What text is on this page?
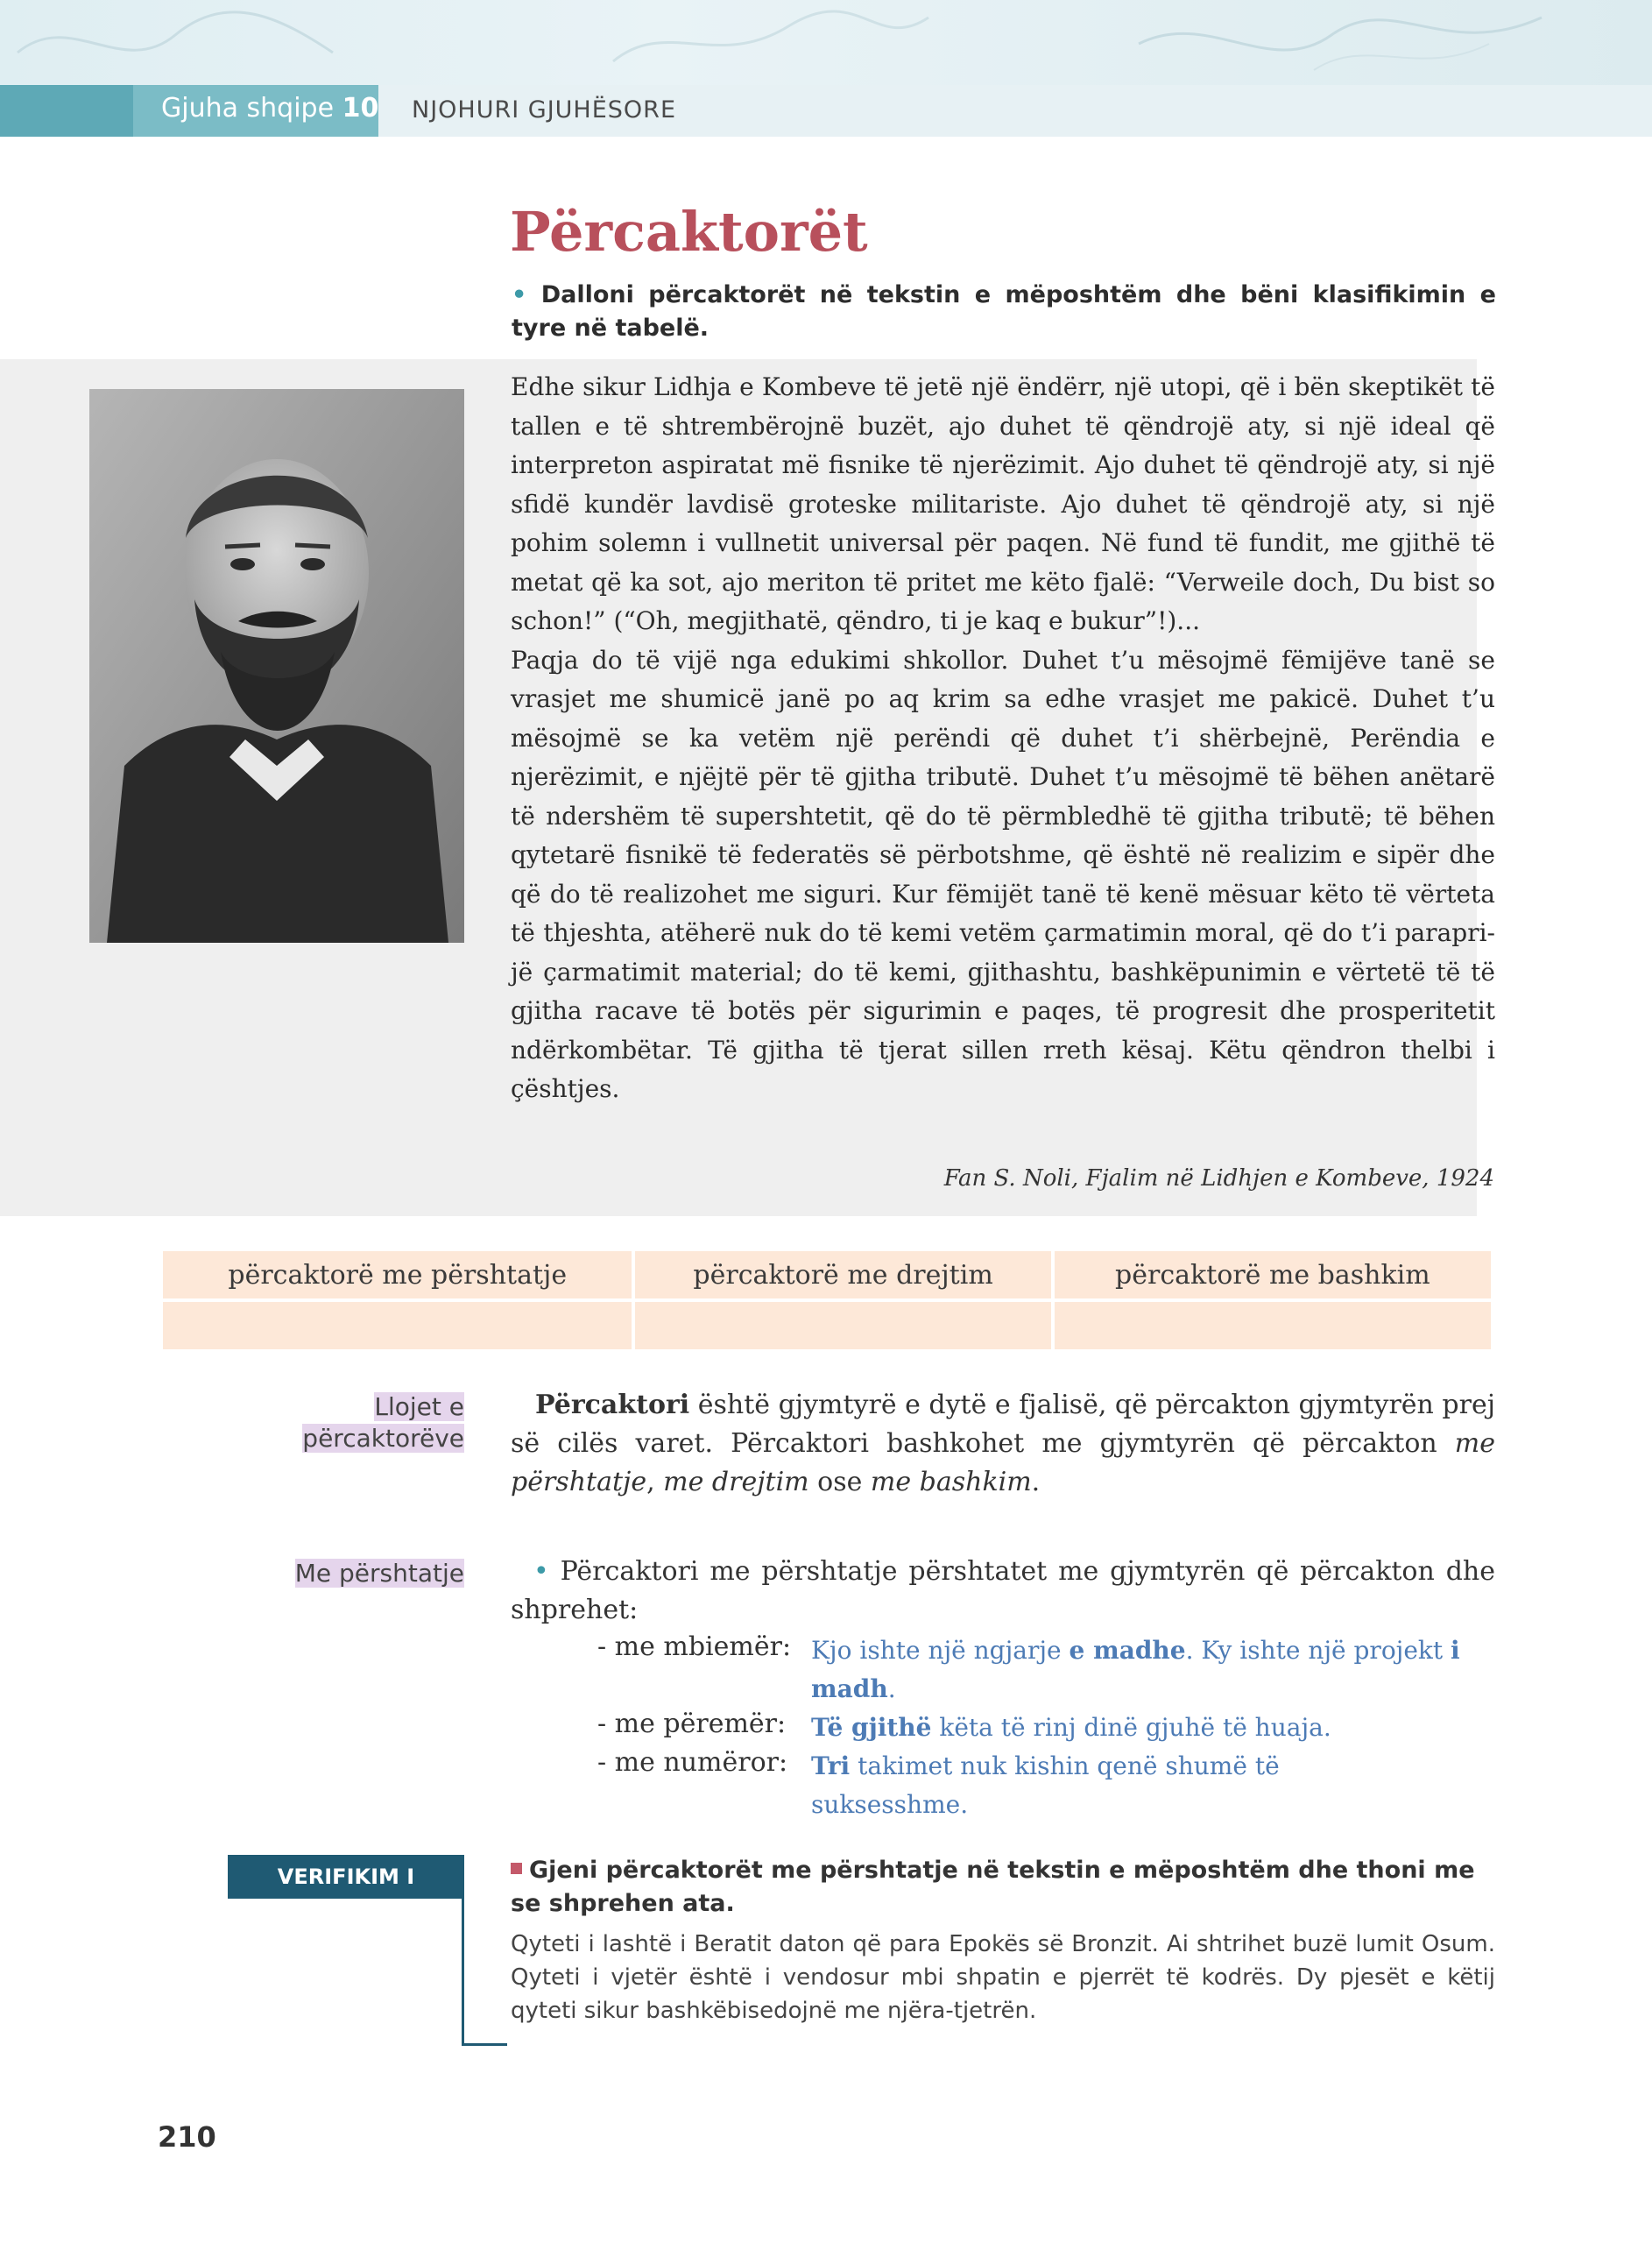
Gjuha shqipe 10 NJOHURI GJUHËSORE
Përcaktorët
• Dalloni përcaktorët në tekstin e mëposhtëm dhe bëni klasifikimin e tyre në tabelë.

Edhe sikur Lidhja e Kombeve të jetë një ëndërr, një utopi, që i bën skeptikët të tallen e të shtrembërojnë buzët, ajo duhet të qëndrojë aty, si një ideal që interpreton aspiratat më fisnike të njerëzimit. Ajo duhet të qëndrojë aty, si një sfidë kundër lavdisë groteske militariste. Ajo duhet të qëndrojë aty, si një pohim solemn i vullnetit universal për paqen. Në fund të fundit, me gjithë të metat që ka sot, ajo meriton të pritet me këto fjalë: “Verweile doch, Du bist so schon!” (“Oh, megjithatë, qëndro, ti je kaq e bukur”!)...

Paqja do të vijë nga edukimi shkollor. Duhet t’u mësojmë fëmijëve tanë se vrasjet me shumicë janë po aq krim sa edhe vrasjet me pakicë. Duhet t’u mësojmë se ka vetëm një perëndi që duhet t’i shërbejnë, Perëndia e njerëzimit, e njëjtë për të gjitha tributë. Duhet t’u mësojmë të bëhen anëtarë të ndershëm të supershtetit, që do të përmbledhë të gjitha tributë; të bëhen qytetarë fisnikë të federatës së përbotshme, që është në realizim e sipër dhe që do të realizohet me siguri. Kur fëmijët tanë të kenë mësuar këto të vërteta të thjeshta, atëherë nuk do të kemi vetëm çarmatimin moral, që do t’i paraprijë çarmatimit material; do të kemi, gjithashtu, bashkëpunimin e vërtetë të të gjitha racave të botës për sigurimin e paqes, të progresit dhe prosperitetit ndërkombëtar. Të gjitha të tjerat sillen rreth kësaj. Këtu qëndron thelbi i çështjes.

Fan S. Noli, Fjalim në Lidhjen e Kombeve, 1924
përcaktorë me përshtatje	përcaktorë me drejtim	përcaktorë me bashkim

Llojet e
përcaktorëve

Përcaktori është gjymtyrë e dytë e fjalisë, që përcakton gjymtyrën prej së cilës varet. Përcaktori bashkohet me gjymtyrën që përcakton me përshtatje, me drejtim ose me bashkim.

Me përshtatje	• Përcaktori me përshtatje përshtatet me gjymtyrën që përcakton dhe shprehet:

- me mbiemër: Kjo ishte një ngjarje e madhe. Ky ishte një projekt i madh.
- me përemër: Të gjithë këta të rinj dinë gjuhë të huaja.
- me numëror: Tri takimet nuk kishin qenë shumë të suksesshme.
VERIFIKIM I SHPEJTË
Gjeni përcaktorët me përshtatje në tekstin e mëposhtëm dhe thoni me se shprehen ata.
Qyteti i lashtë i Beratit daton që para Epokës së Bronzit. Ai shtrihet buzë lumit Osum. Qyteti i vjetër është i vendosur mbi shpatin e pjerrët të kodrës. Dy pjesët e këtij qyteti sikur bashkëbisedojnë me njëra-tjetrën.
210
